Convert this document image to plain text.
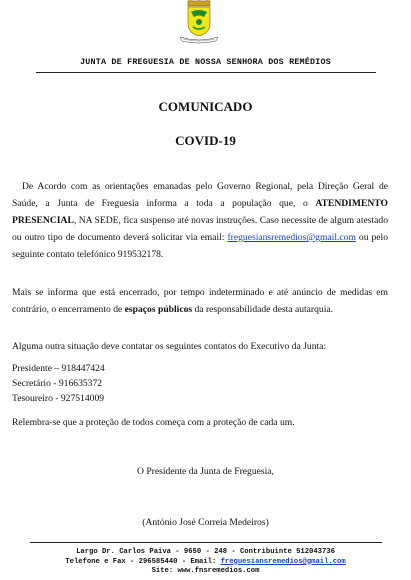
JUNTA DE FREGUESIA DE NOSSA SENHORA DOS REMÉDIOS
COMUNICADO
COVID-19
De Acordo com as orientações emanadas pelo Governo Regional, pela Direção Geral de Saúde, a Junta de Freguesia informa a toda a população que, o ATENDIMENTO PRESENCIAL, NA SEDE, fica suspenso até novas instruções. Caso necessite de algum atestado ou outro tipo de documento deverá solicitar via email: freguesiansremedios@gmail.com ou pelo seguinte contato telefónico 919532178.
Mais se informa que está encerrado, por tempo indeterminado e até anúncio de medidas em contrário, o encerramento de espaços públicos da responsabilidade desta autarquia.
Alguma outra situação deve contatar os seguintes contatos do Executivo da Junta:
Presidente – 918447424
Secretário - 916635372
Tesoureiro - 927514009
Relembra-se que a proteção de todos começa com a proteção de cada um.
O Presidente da Junta de Freguesia,
(António José Correia Medeiros)
Largo Dr. Carlos Paiva - 9650 - 248 - Contribuinte 512043736
Telefone e Fax - 296585440 - Email: freguesiansremedios@gmail.com
Site: www.fnsremedios.com
